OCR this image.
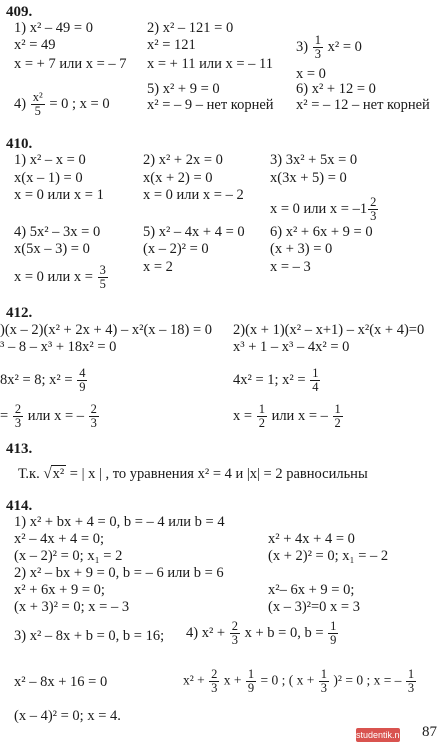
409.
1) x² – 49 = 0
x² = 49
x = + 7 или x = – 7
2) x² – 121 = 0
x² = 121
x = + 11 или x = – 11
$3) \frac{1}{3} x^2 = 0$
x = 0
$4) \frac{\text{x²}}{5} = 0$ ; x = 0
5) x² + 9 = 0
x² = – 9 – нет корней
6) x² + 12 = 0
x² = – 12 – нет корней
410.
1) x² – x = 0
x(x – 1) = 0
x = 0 или x = 1
2) x² + 2x = 0
x(x + 2) = 0
x = 0 или x = – 2
3) 3x² + 5x = 0
x(3x + 5) = 0
x = 0 или $x = -1 \frac{2}{3}$
4) 5x² – 3x = 0
x(5x – 3) = 0
x = 0 или $x = \frac{3}{5}$
5) x² – 4x + 4 = 0
(x – 2)² = 0
x = 2
6) x² + 6x + 9 = 0
(x + 3) = 0
x = – 3
412.
)(x – 2)(x² + 2x + 4) – x²(x – 18) = 0
³ – 8 – x³ + 18x² = 0
8x² = 8; $x^2 = \frac{4}{9}$
= $\frac{2}{3}$ или x = – $\frac{2}{3}$
2)(x + 1)(x² – x+1) – x²(x + 4)=0
x³ + 1 – x³ – 4x² = 0
4x² = 1; $x^2 = \frac{1}{4}$
$x = \frac{1}{2}$ или x = – $\frac{1}{2}$
413.
Т.к. √x² = | x | , то уравнения x² = 4 и |x| = 2 равносильны
414.
1) x² + bx + 4 = 0, b = – 4 или b = 4
x² – 4x + 4 = 0;	x² + 4x + 4 = 0
(x – 2)² = 0; x₁ = 2	(x + 2)² = 0; x₁ = – 2
2) x² – bx + 9 = 0, b = – 6 или b = 6
x² + 6x + 9 = 0;	x²– 6x + 9 = 0;
(x + 3)² = 0; x = – 3	(x – 3)²=0 x = 3
3) x² – 8x + b = 0, b = 16; 4) $x^2 + \frac{2}{3}$ x + b = 0, $b = \frac{1}{9}$
x² – 8x + 16 = 0	$x^2 + \frac{2}{3}$ $x + \frac{1}{9} = 0$ ; ( $x + \frac{1}{3} )^2 = 0$ ; x = – $\frac{1}{3}$
(x – 4)² = 0; x = 4.
studentik.net 87
